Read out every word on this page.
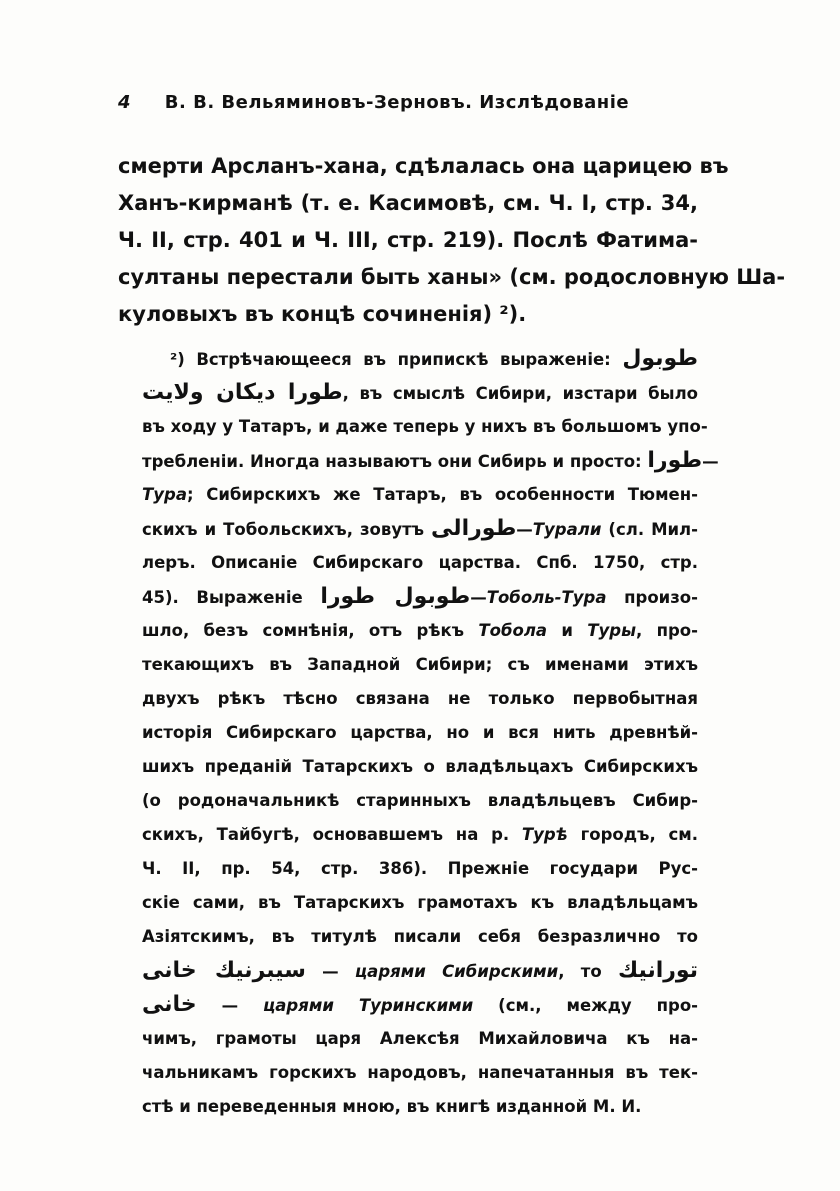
4 В. В. Вельяминовъ-Зерновъ. Изслѣдованіе
смерти Арсланъ-хана, сдѣлалась она царицею въ
Ханъ-кирманѣ (т. е. Касимовѣ, см. Ч. I, стр. 34,
Ч. II, стр. 401 и Ч. III, стр. 219). Послѣ Фатима-
султаны перестали быть ханы» (см. родословную Ша-
куловыхъ въ концѣ сочиненія) ²).
²) Встрѣчающееся въ припискѣ выраженіе: طوبول
طورا ديكان ولايت, въ смыслѣ Сибири, изстари было
въ ходу у Татаръ, и даже теперь у нихъ въ большомъ упо-
требленіи. Иногда называютъ они Сибирь и просто: طورا—
Тура; Сибирскихъ же Татаръ, въ особенности Тюмен-
скихъ и Тобольскихъ, зовутъ طورالى—Турали (сл. Мил-
леръ. Описаніе Сибирскаго царства. Спб. 1750, стр.
45). Выраженіе طوبول طورا—Тоболь-Тура произо-
шло, безъ сомнѣнія, отъ рѣкъ Тобола и Туры, про-
текающихъ въ Западной Сибири; съ именами этихъ
двухъ рѣкъ тѣсно связана не только первобытная
исторія Сибирскаго царства, но и вся нить древнѣй-
шихъ преданій Татарскихъ о владѣльцахъ Сибирскихъ
(о родоначальникѣ старинныхъ владѣльцевъ Сибир-
скихъ, Тайбугѣ, основавшемъ на р. Турѣ городъ, см.
Ч. II, пр. 54, стр. 386). Прежніе государи Рус-
скіе сами, въ Татарскихъ грамотахъ къ владѣльцамъ
Азіятскимъ, въ титулѣ писали себя безразлично то
سيبرنيك خانى — царями Сибирскими, то تورانيك
خانى — царями Туринскими (см., между про-
чимъ, грамоты царя Алексѣя Михайловича къ на-
чальникамъ горскихъ народовъ, напечатанныя въ тек-
стѣ и переведенныя мною, въ книгѣ изданной М. И.
